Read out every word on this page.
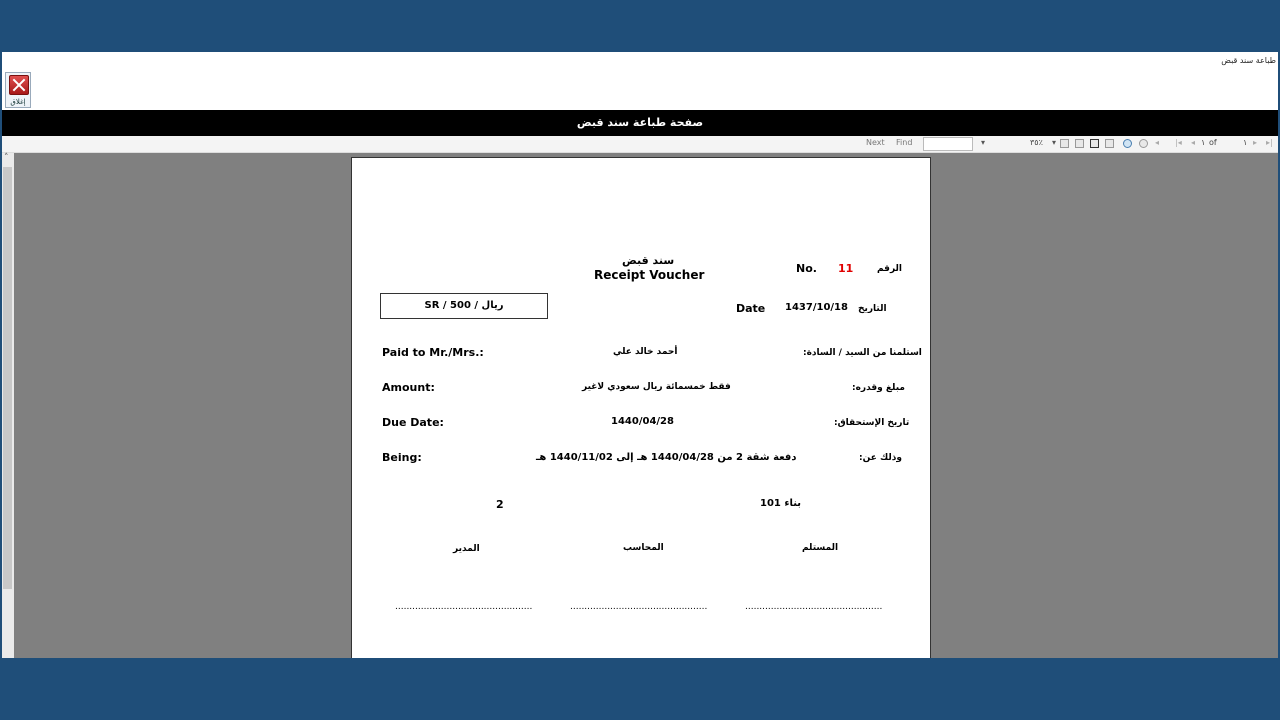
طباعة سند قبض
إغلاق
صفحة طباعة سند قبض
Next Find	▾	٣٥٪ ▾	◂ |◂ ◂ ١ of	١ ▸ ▸|
˄
سند قبض
Receipt Voucher	No. 11	الرقم
ريال / 500 / SR	Date 1437/10/18 التاريخ
Paid to Mr./Mrs.:	أحمد خالد علي	استلمنا من السيد / السادة:
Amount:	فقط خمسمائة ريال سعودي لاغير	مبلغ وقدره:
Due Date:	1440/04/28	تاريخ الإستحقاق:
Being:	دفعة شقة 2 من 1440/04/28 هـ إلى 1440/11/02 هـ	وذلك عن:
بناء 101
2
المستلم
المحاسب
المدير
................................................
................................................
................................................
